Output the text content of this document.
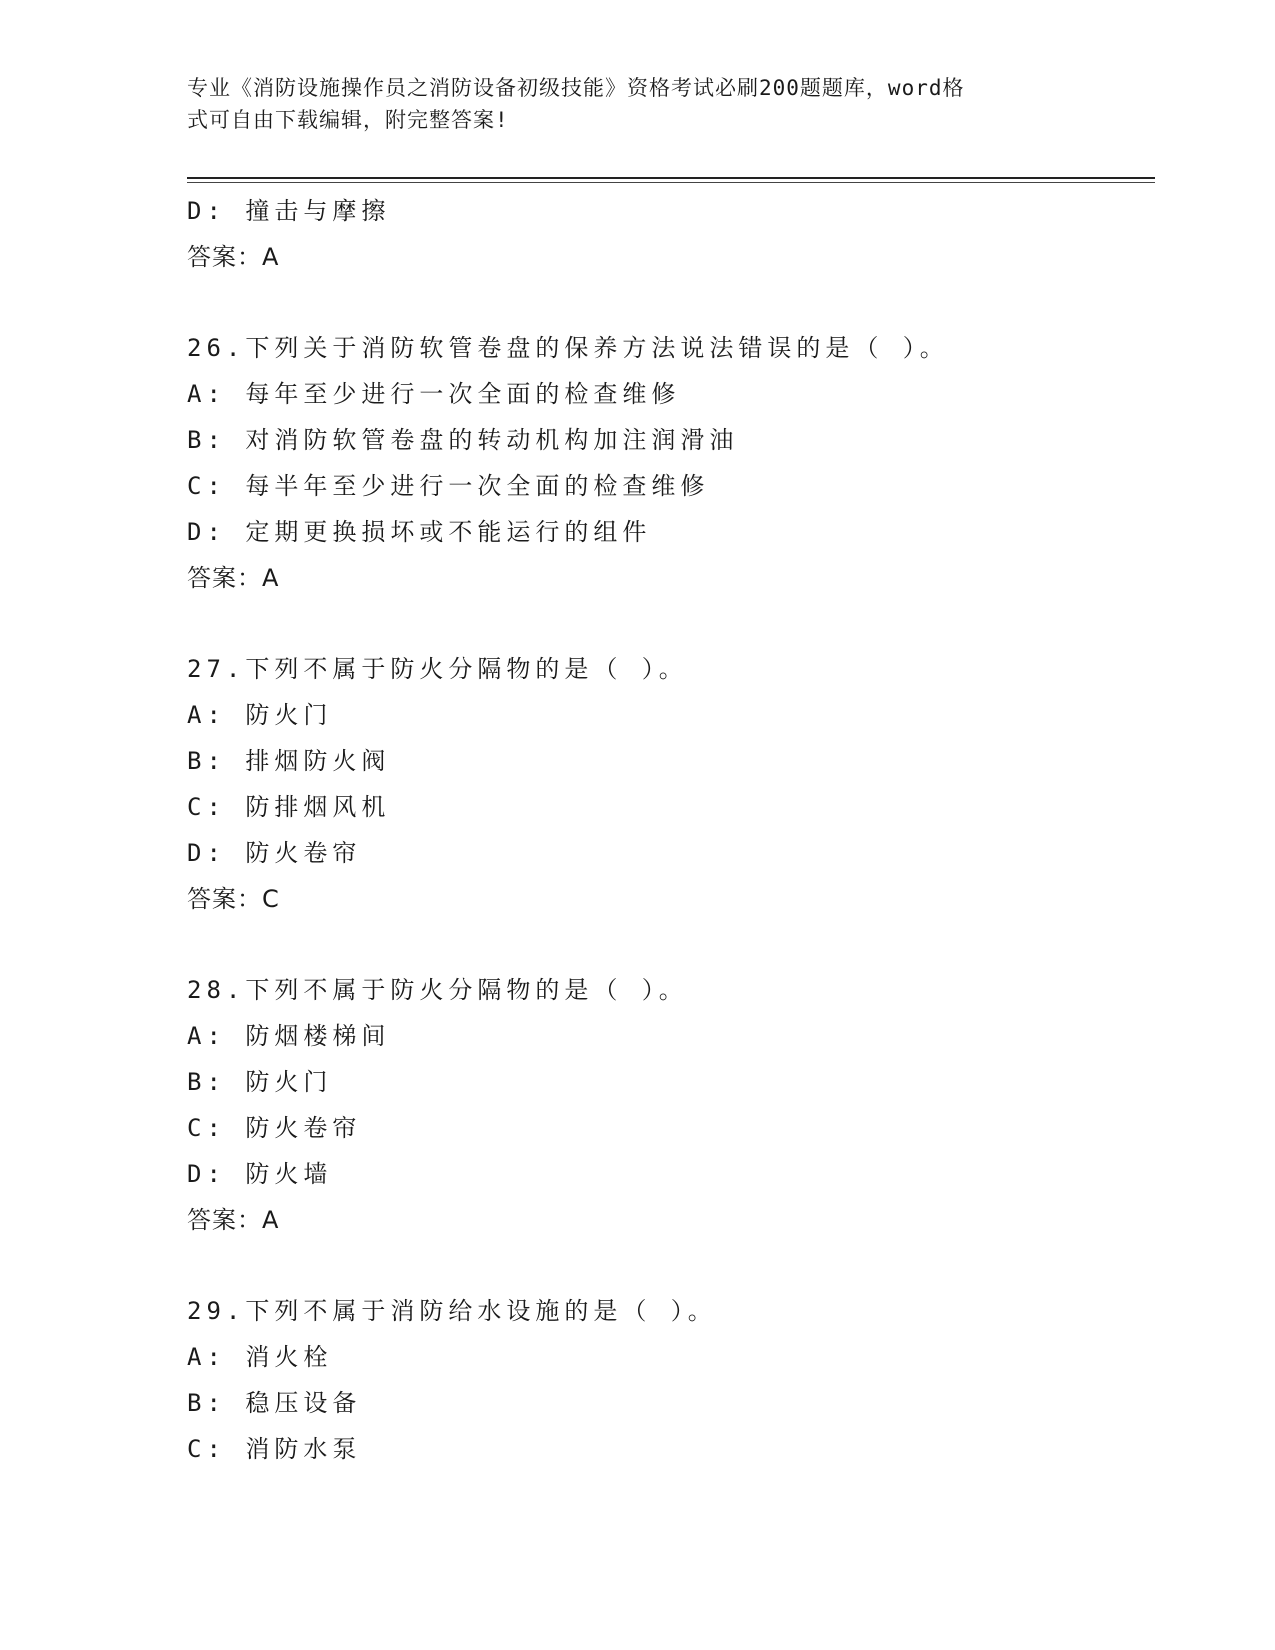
专业《消防设施操作员之消防设备初级技能》资格考试必刷200题题库，word格
式可自由下载编辑，附完整答案!
D: 撞击与摩擦
答案：A
26.下列关于消防软管卷盘的保养方法说法错误的是（ ）。
A: 每年至少进行一次全面的检查维修
B: 对消防软管卷盘的转动机构加注润滑油
C: 每半年至少进行一次全面的检查维修
D: 定期更换损坏或不能运行的组件
答案：A
27.下列不属于防火分隔物的是（ ）。
A: 防火门
B: 排烟防火阀
C: 防排烟风机
D: 防火卷帘
答案：C
28.下列不属于防火分隔物的是（ ）。
A: 防烟楼梯间
B: 防火门
C: 防火卷帘
D: 防火墙
答案：A
29.下列不属于消防给水设施的是（ ）。
A: 消火栓
B: 稳压设备
C: 消防水泵
